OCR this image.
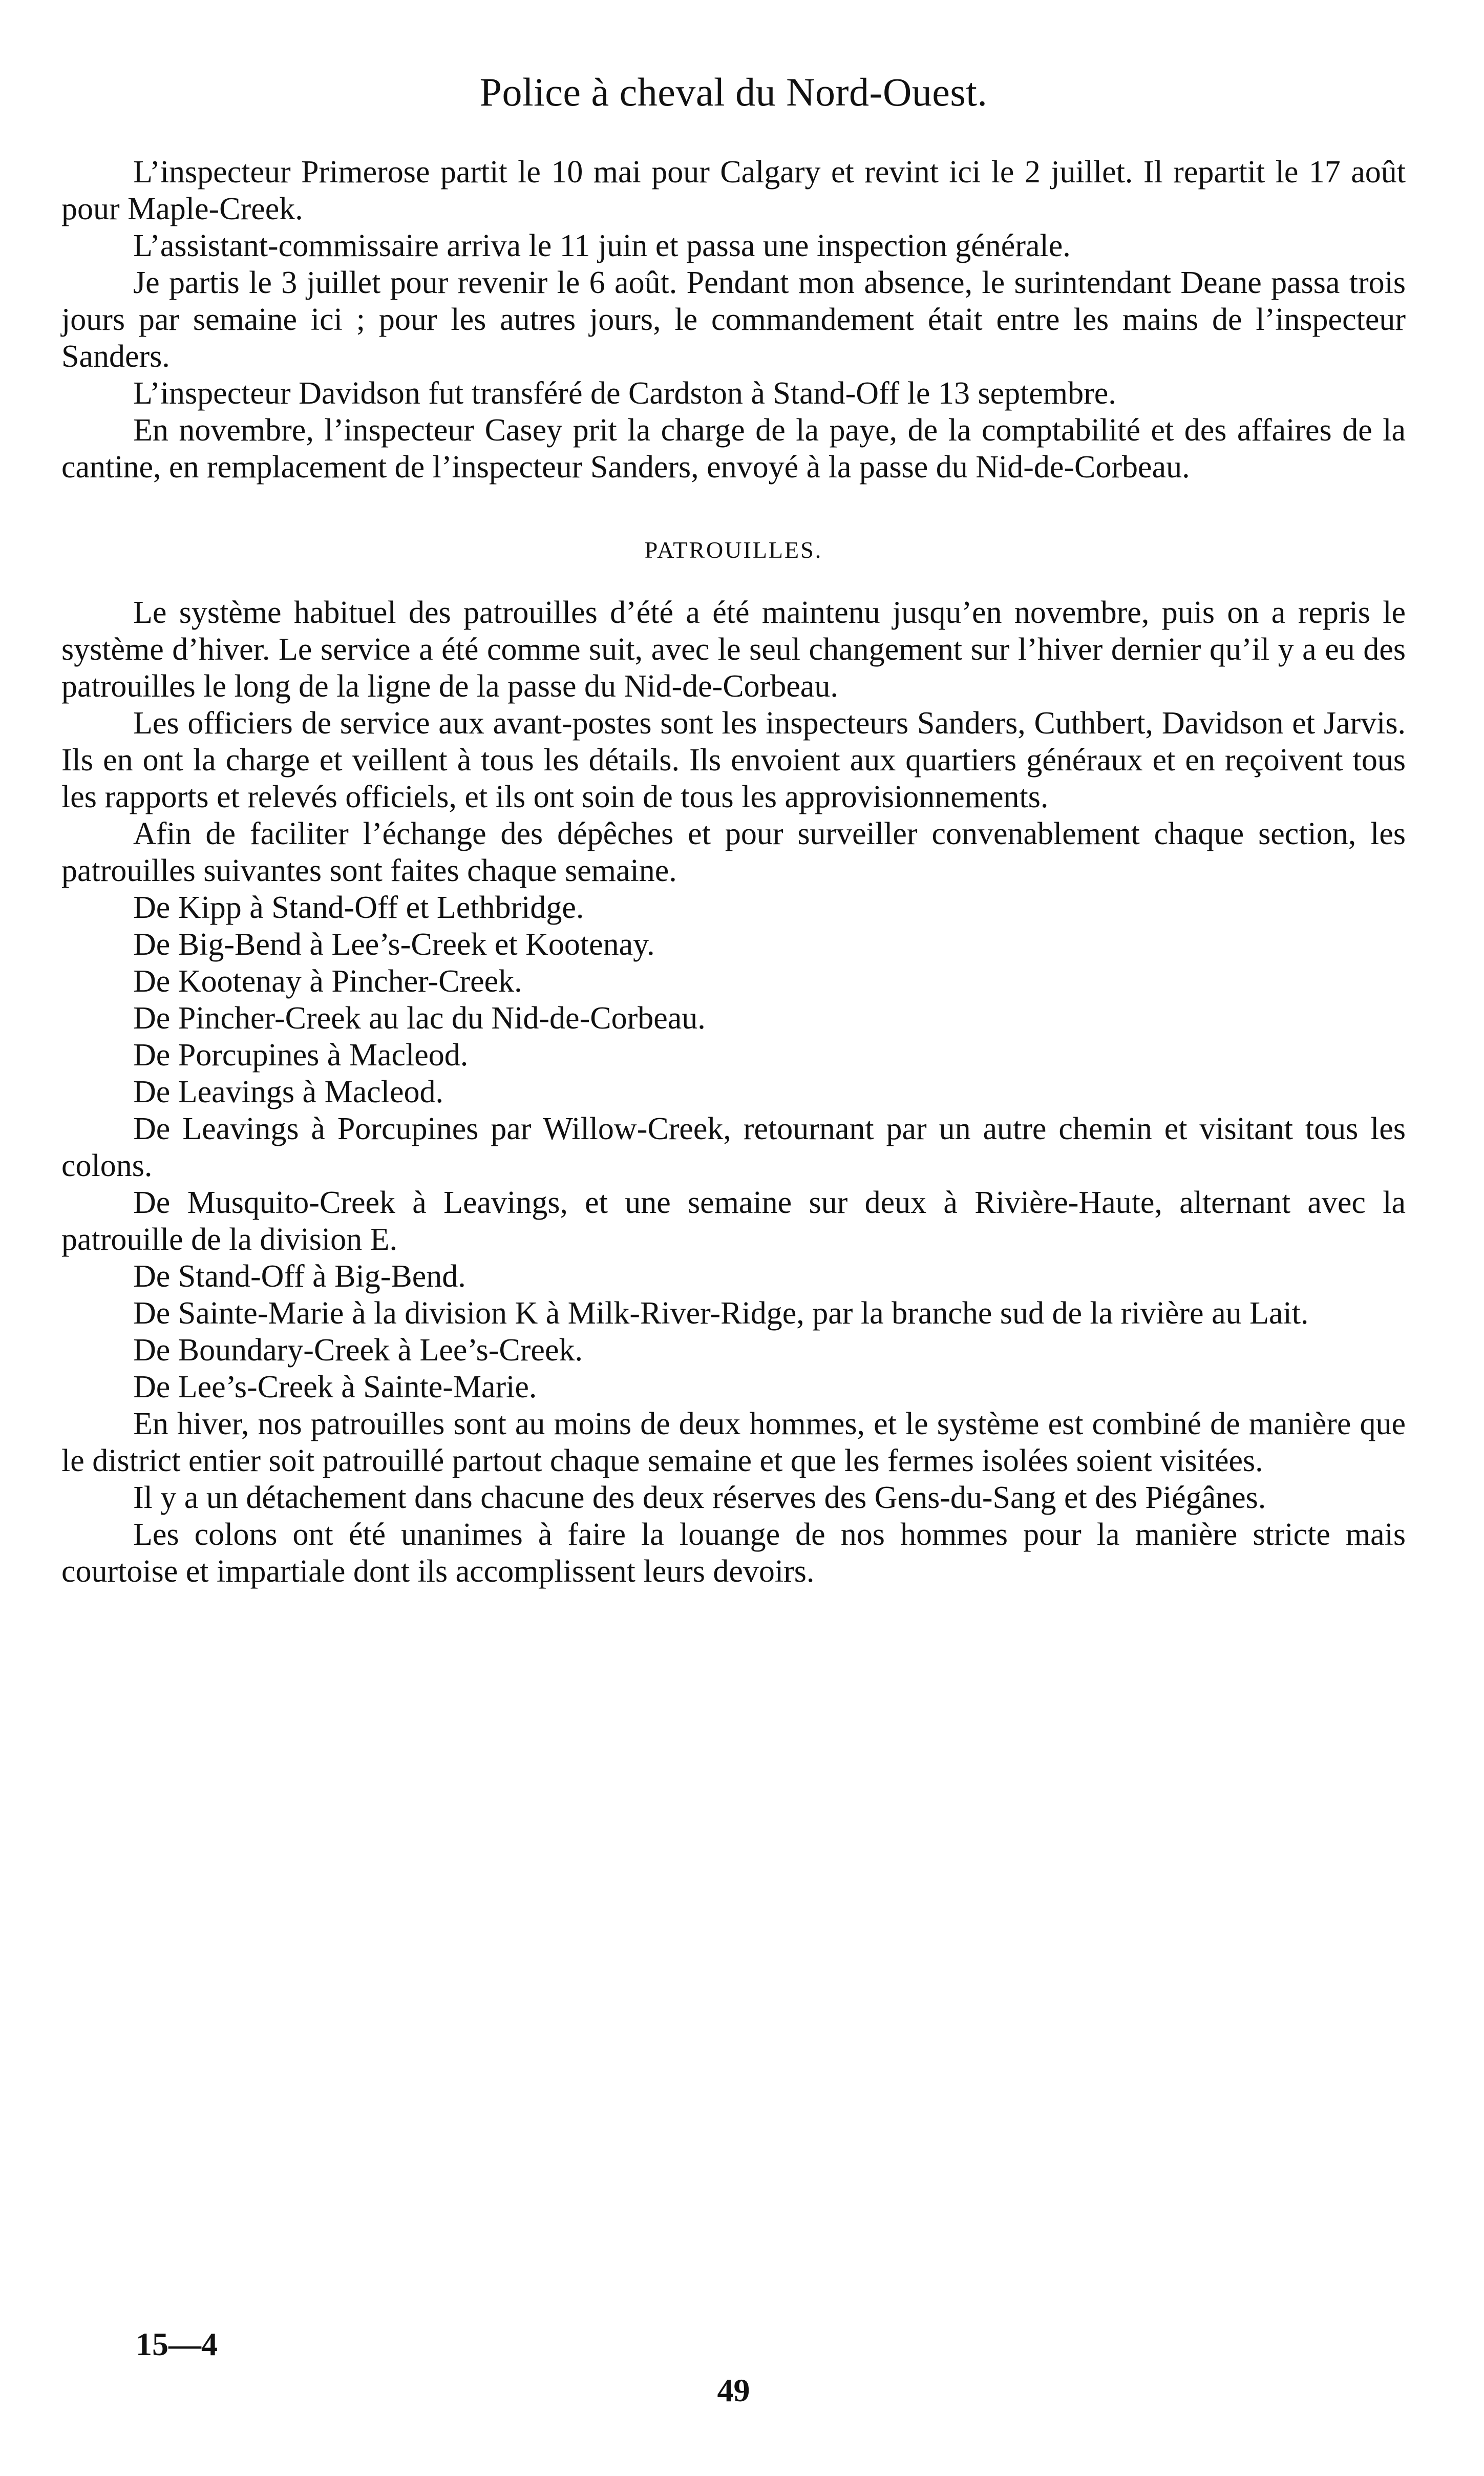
Police à cheval du Nord-Ouest.

L’inspecteur Primerose partit le 10 mai pour Calgary et revint ici le 2 juillet. Il repartit le 17 août pour Maple-Creek.

L’assistant-commissaire arriva le 11 juin et passa une inspection générale.

Je partis le 3 juillet pour revenir le 6 août. Pendant mon absence, le surintendant Deane passa trois jours par semaine ici ; pour les autres jours, le commandement était entre les mains de l’inspecteur Sanders.

L’inspecteur Davidson fut transféré de Cardston à Stand-Off le 13 septembre.

En novembre, l’inspecteur Casey prit la charge de la paye, de la comptabilité et des affaires de la cantine, en remplacement de l’inspecteur Sanders, envoyé à la passe du Nid-de-Corbeau.

PATROUILLES.

Le système habituel des patrouilles d’été a été maintenu jusqu’en novembre, puis on a repris le système d’hiver. Le service a été comme suit, avec le seul changement sur l’hiver dernier qu’il y a eu des patrouilles le long de la ligne de la passe du Nid-de-Corbeau.

Les officiers de service aux avant-postes sont les inspecteurs Sanders, Cuthbert, Davidson et Jarvis. Ils en ont la charge et veillent à tous les détails. Ils envoient aux quartiers généraux et en reçoivent tous les rapports et relevés officiels, et ils ont soin de tous les approvisionnements.

Afin de faciliter l’échange des dépêches et pour surveiller convenablement chaque section, les patrouilles suivantes sont faites chaque semaine.

De Kipp à Stand-Off et Lethbridge.

De Big-Bend à Lee’s-Creek et Kootenay.

De Kootenay à Pincher-Creek.

De Pincher-Creek au lac du Nid-de-Corbeau.

De Porcupines à Macleod.

De Leavings à Macleod.

De Leavings à Porcupines par Willow-Creek, retournant par un autre chemin et visitant tous les colons.

De Musquito-Creek à Leavings, et une semaine sur deux à Rivière-Haute, alternant avec la patrouille de la division E.

De Stand-Off à Big-Bend.

De Sainte-Marie à la division K à Milk-River-Ridge, par la branche sud de la rivière au Lait.

De Boundary-Creek à Lee’s-Creek.

De Lee’s-Creek à Sainte-Marie.

En hiver, nos patrouilles sont au moins de deux hommes, et le système est combiné de manière que le district entier soit patrouillé partout chaque semaine et que les fermes isolées soient visitées.

Il y a un détachement dans chacune des deux réserves des Gens-du-Sang et des Piégânes.

Les colons ont été unanimes à faire la louange de nos hommes pour la manière stricte mais courtoise et impartiale dont ils accomplissent leurs devoirs.

15—4
49
